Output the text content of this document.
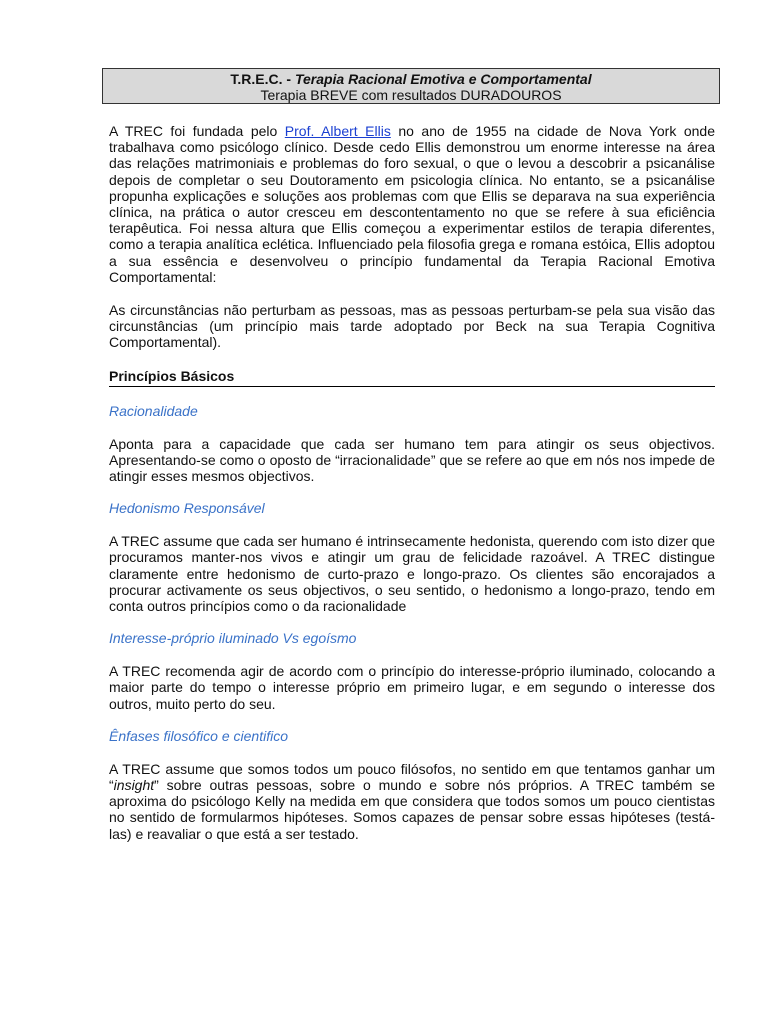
T.R.E.C. - Terapia Racional Emotiva e Comportamental
Terapia BREVE com resultados DURADOUROS

A TREC foi fundada pelo Prof. Albert Ellis no ano de 1955 na cidade de Nova York onde trabalhava como psicólogo clínico. Desde cedo Ellis demonstrou um enorme interesse na área das relações matrimoniais e problemas do foro sexual, o que o levou a descobrir a psicanálise depois de completar o seu Doutoramento em psicologia clínica. No entanto, se a psicanálise propunha explicações e soluções aos problemas com que Ellis se deparava na sua experiência clínica, na prática o autor cresceu em descontentamento no que se refere à sua eficiência terapêutica. Foi nessa altura que Ellis começou a experimentar estilos de terapia diferentes, como a terapia analítica eclética. Influenciado pela filosofia grega e romana estóica, Ellis adoptou a sua essência e desenvolveu o princípio fundamental da Terapia Racional Emotiva Comportamental:

As circunstâncias não perturbam as pessoas, mas as pessoas perturbam-se pela sua visão das circunstâncias (um princípio mais tarde adoptado por Beck na sua Terapia Cognitiva Comportamental).

Princípios Básicos
Racionalidade

Aponta para a capacidade que cada ser humano tem para atingir os seus objectivos. Apresentando-se como o oposto de “irracionalidade” que se refere ao que em nós nos impede de atingir esses mesmos objectivos.

Hedonismo Responsável

A TREC assume que cada ser humano é intrinsecamente hedonista, querendo com isto dizer que procuramos manter-nos vivos e atingir um grau de felicidade razoável. A TREC distingue claramente entre hedonismo de curto-prazo e longo-prazo. Os clientes são encorajados a procurar activamente os seus objectivos, o seu sentido, o hedonismo a longo-prazo, tendo em conta outros princípios como o da racionalidade

Interesse-próprio iluminado Vs egoísmo

A TREC recomenda agir de acordo com o princípio do interesse-próprio iluminado, colocando a maior parte do tempo o interesse próprio em primeiro lugar, e em segundo o interesse dos outros, muito perto do seu.

Ênfases filosófico e cientifico

A TREC assume que somos todos um pouco filósofos, no sentido em que tentamos ganhar um “insight” sobre outras pessoas, sobre o mundo e sobre nós próprios. A TREC também se aproxima do psicólogo Kelly na medida em que considera que todos somos um pouco cientistas no sentido de formularmos hipóteses. Somos capazes de pensar sobre essas hipóteses (testá-las) e reavaliar o que está a ser testado.
